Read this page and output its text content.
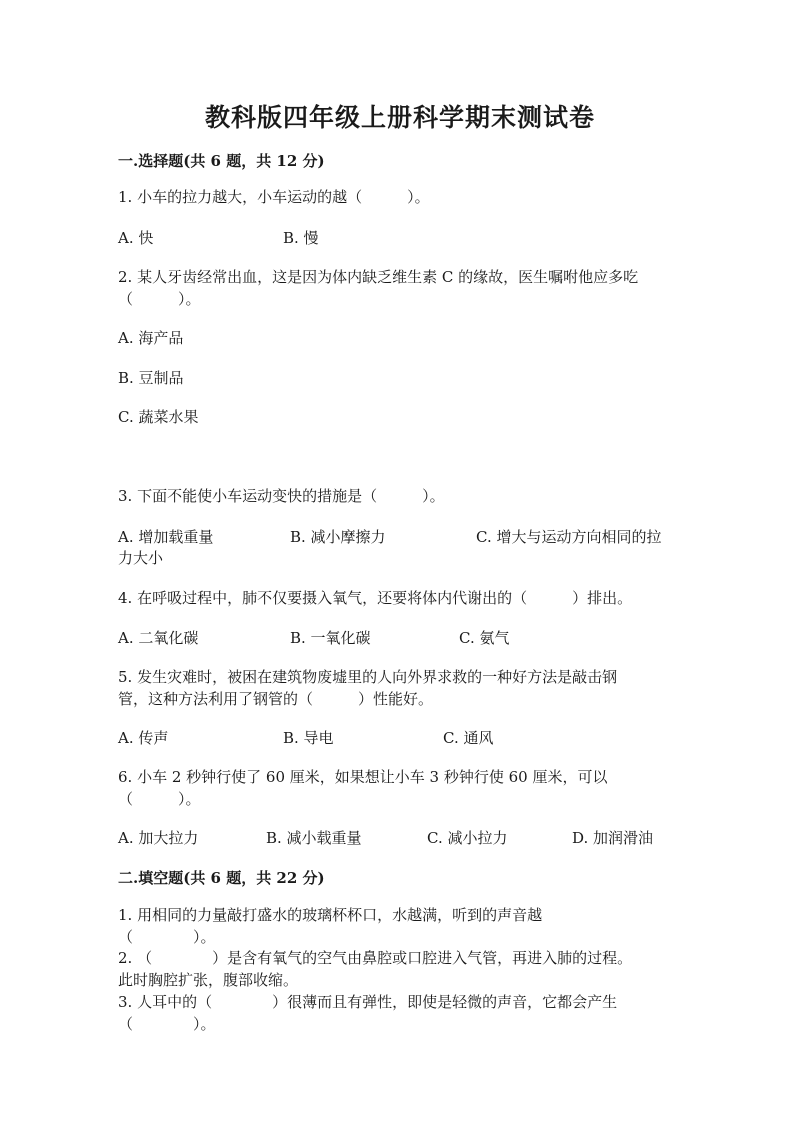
教科版四年级上册科学期末测试卷
一.选择题(共 6 题，共 12 分)
1. 小车的拉力越大，小车运动的越（　　　）。
A. 快	B. 慢
2. 某人牙齿经常出血，这是因为体内缺乏维生素 C 的缘故，医生嘱咐他应多吃
（　　　）。
A. 海产品
B. 豆制品
C. 蔬菜水果
3. 下面不能使小车运动变快的措施是（　　　）。
A. 增加载重量	B. 减小摩擦力	C. 增大与运动方向相同的拉
力大小
4. 在呼吸过程中，肺不仅要摄入氧气，还要将体内代谢出的（　　　）排出。
A. 二氧化碳	B. 一氧化碳	C. 氨气
5. 发生灾难时，被困在建筑物废墟里的人向外界求救的一种好方法是敲击钢
管，这种方法利用了钢管的（　　　）性能好。
A. 传声	B. 导电	C. 通风
6. 小车 2 秒钟行使了 60 厘米，如果想让小车 3 秒钟行使 60 厘米，可以
（　　　）。
A. 加大拉力	B. 减小载重量	C. 减小拉力	D. 加润滑油
二.填空题(共 6 题，共 22 分)
1. 用相同的力量敲打盛水的玻璃杯杯口，水越满，听到的声音越
（　　　　）。
2. （　　　　）是含有氧气的空气由鼻腔或口腔进入气管，再进入肺的过程。
此时胸腔扩张，腹部收缩。
3. 人耳中的（　　　　）很薄而且有弹性，即使是轻微的声音，它都会产生
（　　　　）。
